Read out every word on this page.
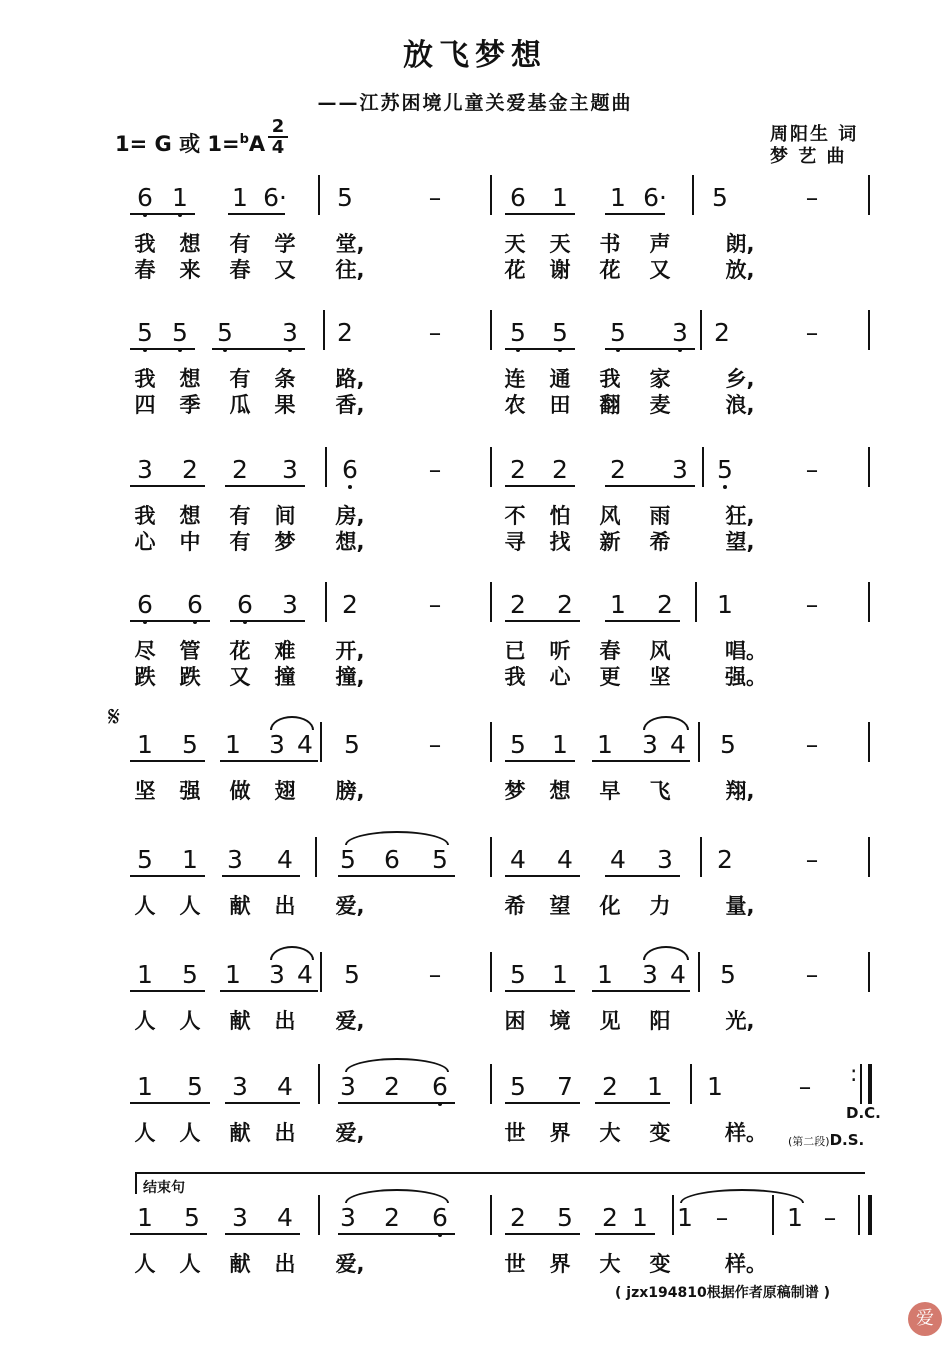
放飞梦想
——江苏困境儿童关爱基金主题曲
1= G 或 1=$^b$A
2
4
周阳生 词
梦 艺 曲
𝄋
6 1 1 6· 5	–	6 1 1 6· 5	–
我 想 有 学 堂,	天 天 书 声	朗,
春 来 春 又 往,	花 谢 花 又	放,
5 5 5 3 2	–	5 5 5 3 2	–
我 想 有 条 路,	连 通 我 家	乡,
四 季 瓜 果 香,	农 田 翻 麦	浪,
3 2 2 3 6	–	2 2 2 3 5	–
我 想 有 间 房,	不 怕 风 雨	狂,
心 中 有 梦 想,	寻 找 新 希	望,
6 6 6 3 2	–	2 2 1 2 1	–
尽 管 花 难 开,	已 听 春 风	唱。
跌 跌 又 撞 撞,	我 心 更 坚	强。
1 5 1 3 4 5	–	5 1 1 3 4 5	–
坚 强 做 翅 膀,	梦 想 早 飞	翔,
5 1 3 4 5 6 5 4 4 4 3 2	–
人 人 献 出 爱,	希 望 化 力	量,
1 5 1 3 4 5	–	5 1 1 3 4 5	–
人 人 献 出 爱,	困 境 见 阳	光,
1 5 3 4 3 2 6 5 7 2 1 1	– :
人 人 献 出 爱,	世 界 大 变	样。
1 5 3 4 3 2 6 2 5 2 1 1 – 1 –
人 人 献 出 爱,	世 界 大 变	样。
D.C.
(第二段)D.S.
结束句
( jzx194810根据作者原稿制谱 )
爱
